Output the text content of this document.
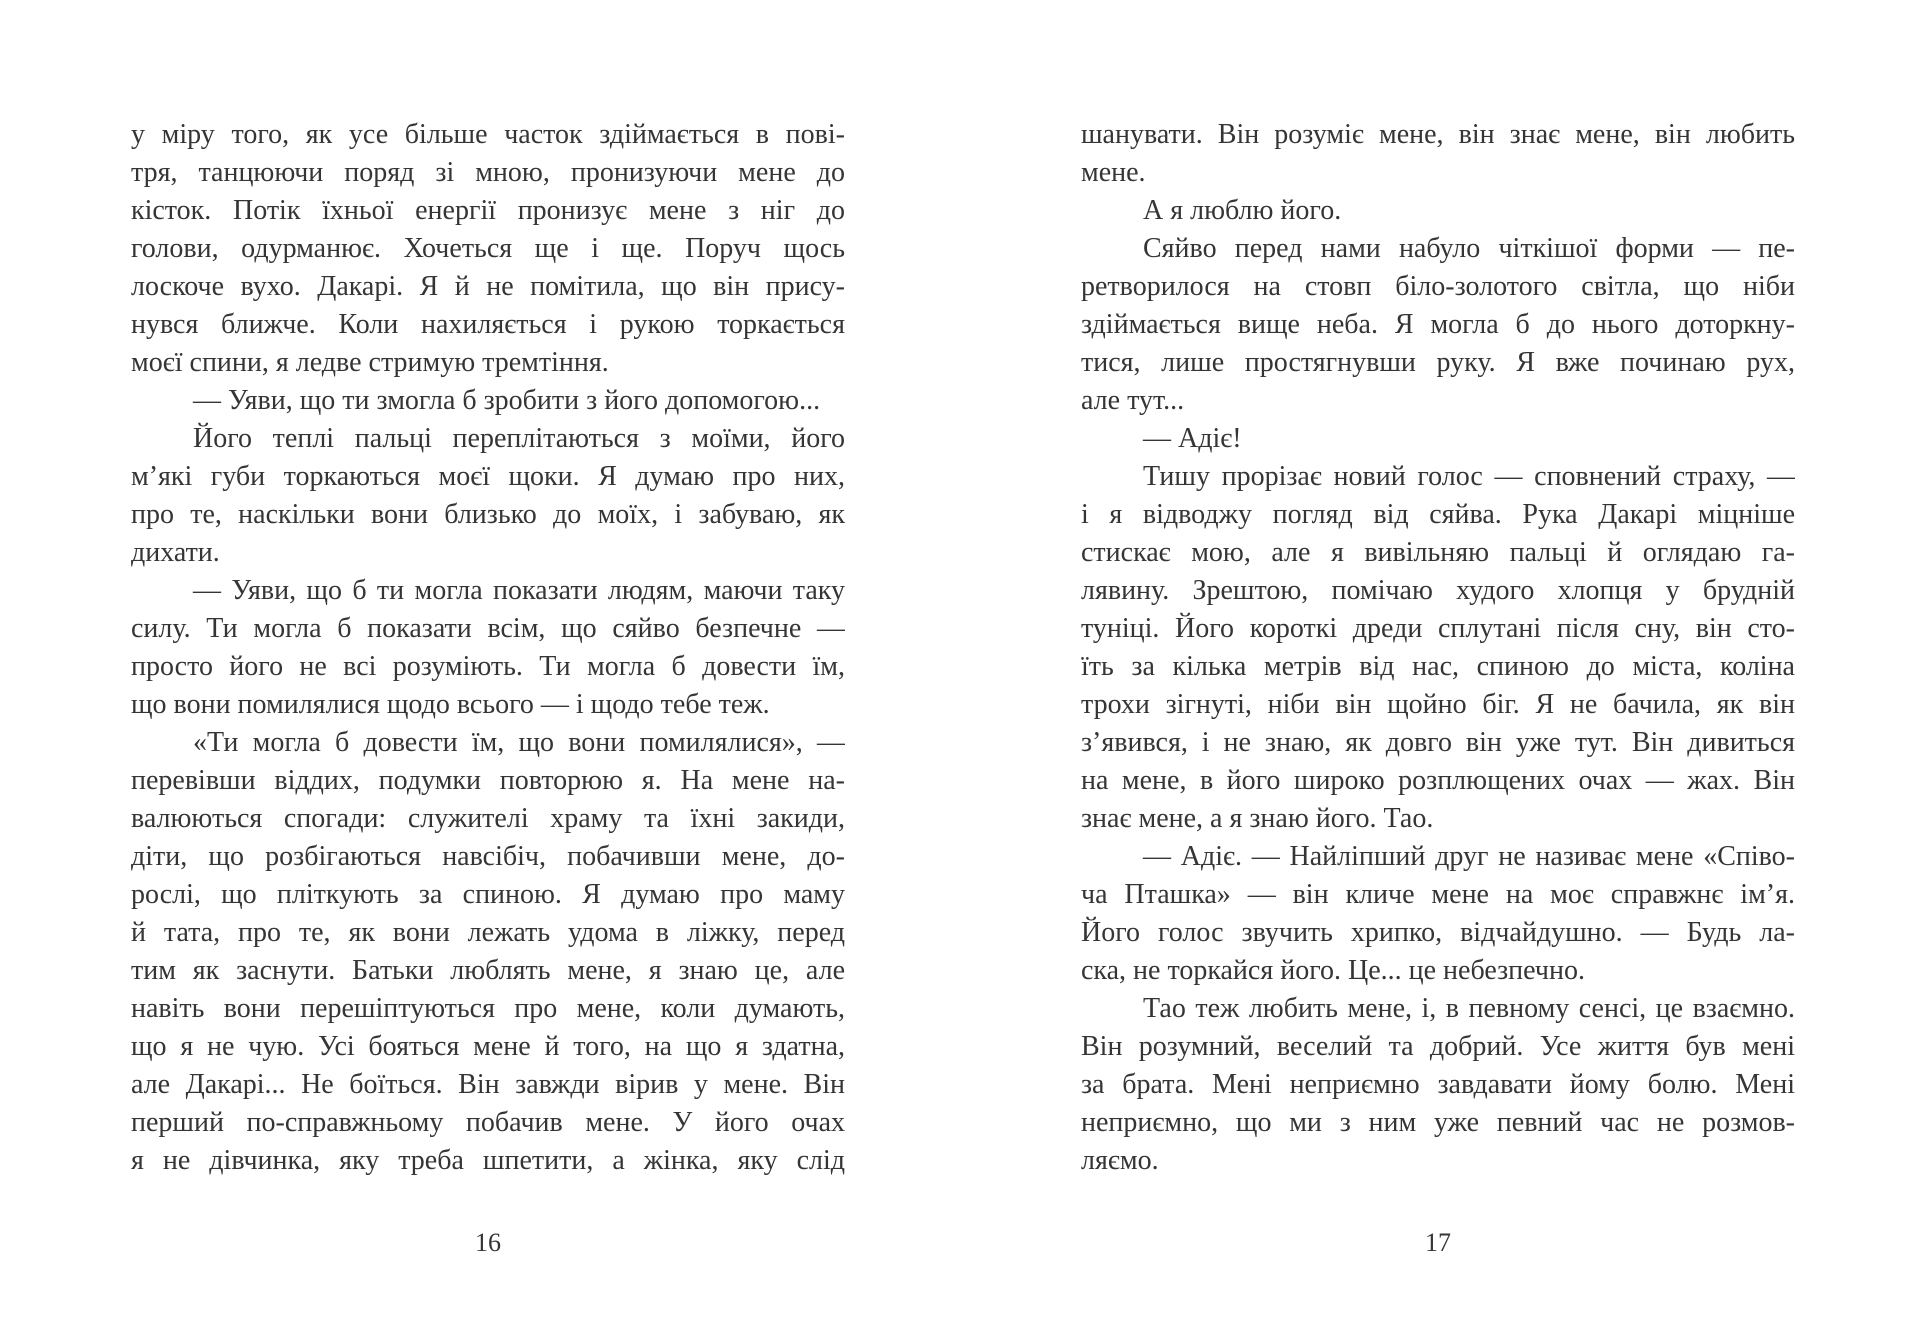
у міру того, як усе більше часток здіймається в пові-
тря, танцюючи поряд зі мною, пронизуючи мене до
кісток. Потік їхньої енергії пронизує мене з ніг до
голови, одурманює. Хочеться ще і ще. Поруч щось
лоскоче вухо. Дакарі. Я й не помітила, що він прису-
нувся ближче. Коли нахиляється і рукою торкається
моєї спини, я ледве стримую тремтіння.
— Уяви, що ти змогла б зробити з його допомогою...
Його теплі пальці переплітаються з моїми, його
м’які губи торкаються моєї щоки. Я думаю про них,
про те, наскільки вони близько до моїх, і забуваю, як
дихати.
— Уяви, що б ти могла показати людям, маючи таку
силу. Ти могла б показати всім, що сяйво безпечне —
просто його не всі розуміють. Ти могла б довести їм,
що вони помилялися щодо всього — і щодо тебе теж.
«Ти могла б довести їм, що вони помилялися», —
перевівши віддих, подумки повторюю я. На мене на-
валюються спогади: служителі храму та їхні закиди,
діти, що розбігаються навсібіч, побачивши мене, до-
рослі, що пліткують за спиною. Я думаю про маму
й тата, про те, як вони лежать удома в ліжку, перед
тим як заснути. Батьки люблять мене, я знаю це, але
навіть вони перешіптуються про мене, коли думають,
що я не чую. Усі бояться мене й того, на що я здатна,
але Дакарі... Не боїться. Він завжди вірив у мене. Він
перший по-справжньому побачив мене. У його очах
я не дівчинка, яку треба шпетити, а жінка, яку слід
16
шанувати. Він розуміє мене, він знає мене, він любить
мене.
А я люблю його.
Сяйво перед нами набуло чіткішої форми — пе-
ретворилося на стовп біло-золотого світла, що ніби
здіймається вище неба. Я могла б до нього доторкну-
тися, лише простягнувши руку. Я вже починаю рух,
але тут...
— Адіє!
Тишу прорізає новий голос — сповнений страху, —
і я відводжу погляд від сяйва. Рука Дакарі міцніше
стискає мою, але я вивільняю пальці й оглядаю га-
лявину. Зрештою, помічаю худого хлопця у брудній
туніці. Його короткі дреди сплутані після сну, він сто-
їть за кілька метрів від нас, спиною до міста, коліна
трохи зігнуті, ніби він щойно біг. Я не бачила, як він
з’явився, і не знаю, як довго він уже тут. Він дивиться
на мене, в його широко розплющених очах — жах. Він
знає мене, а я знаю його. Тао.
— Адіє. — Найліпший друг не називає мене «Співо-
ча Пташка» — він кличе мене на моє справжнє ім’я.
Його голос звучить хрипко, відчайдушно. — Будь ла-
ска, не торкайся його. Це... це небезпечно.
Тао теж любить мене, і, в певному сенсі, це взаємно.
Він розумний, веселий та добрий. Усе життя був мені
за брата. Мені неприємно завдавати йому болю. Мені
неприємно, що ми з ним уже певний час не розмов-
ляємо.
17
